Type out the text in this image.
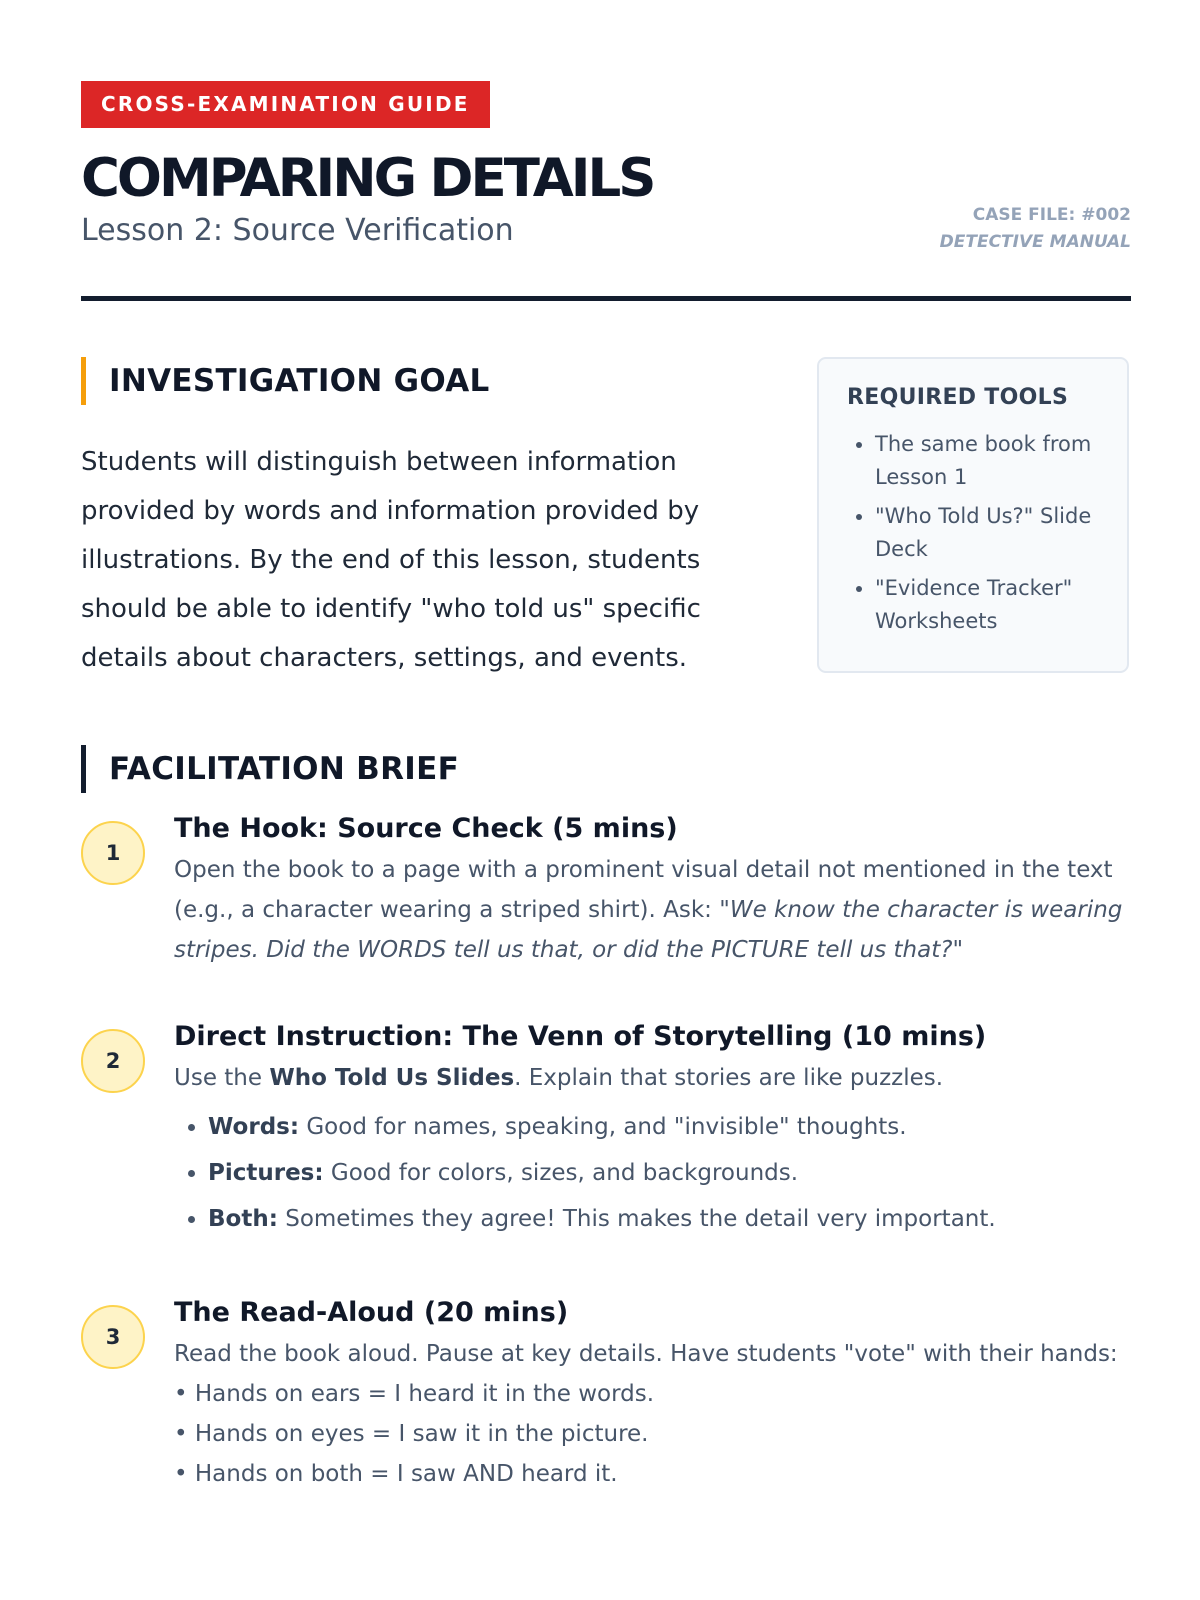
CROSS-EXAMINATION GUIDE
COMPARING DETAILS
Lesson 2: Source Verification	CASE FILE: #002
DETECTIVE MANUAL
INVESTIGATION GOAL
Students will distinguish between information provided by words and information provided by illustrations. By the end of this lesson, students should be able to identify "who told us" specific details about characters, settings, and events.
REQUIRED TOOLS
• The same book from Lesson 1
• "Who Told Us?" Slide Deck
• "Evidence Tracker" Worksheets
FACILITATION BRIEF
1
The Hook: Source Check (5 mins)
Open the book to a page with a prominent visual detail not mentioned in the text (e.g., a character wearing a striped shirt). Ask: "We know the character is wearing stripes. Did the WORDS tell us that, or did the PICTURE tell us that?"
2
Direct Instruction: The Venn of Storytelling (10 mins)
Use the Who Told Us Slides. Explain that stories are like puzzles.
• Words: Good for names, speaking, and "invisible" thoughts.
• Pictures: Good for colors, sizes, and backgrounds.
• Both: Sometimes they agree! This makes the detail very important.
3
The Read-Aloud (20 mins)
Read the book aloud. Pause at key details. Have students "vote" with their hands:
• Hands on ears = I heard it in the words.
• Hands on eyes = I saw it in the picture.
• Hands on both = I saw AND heard it.
